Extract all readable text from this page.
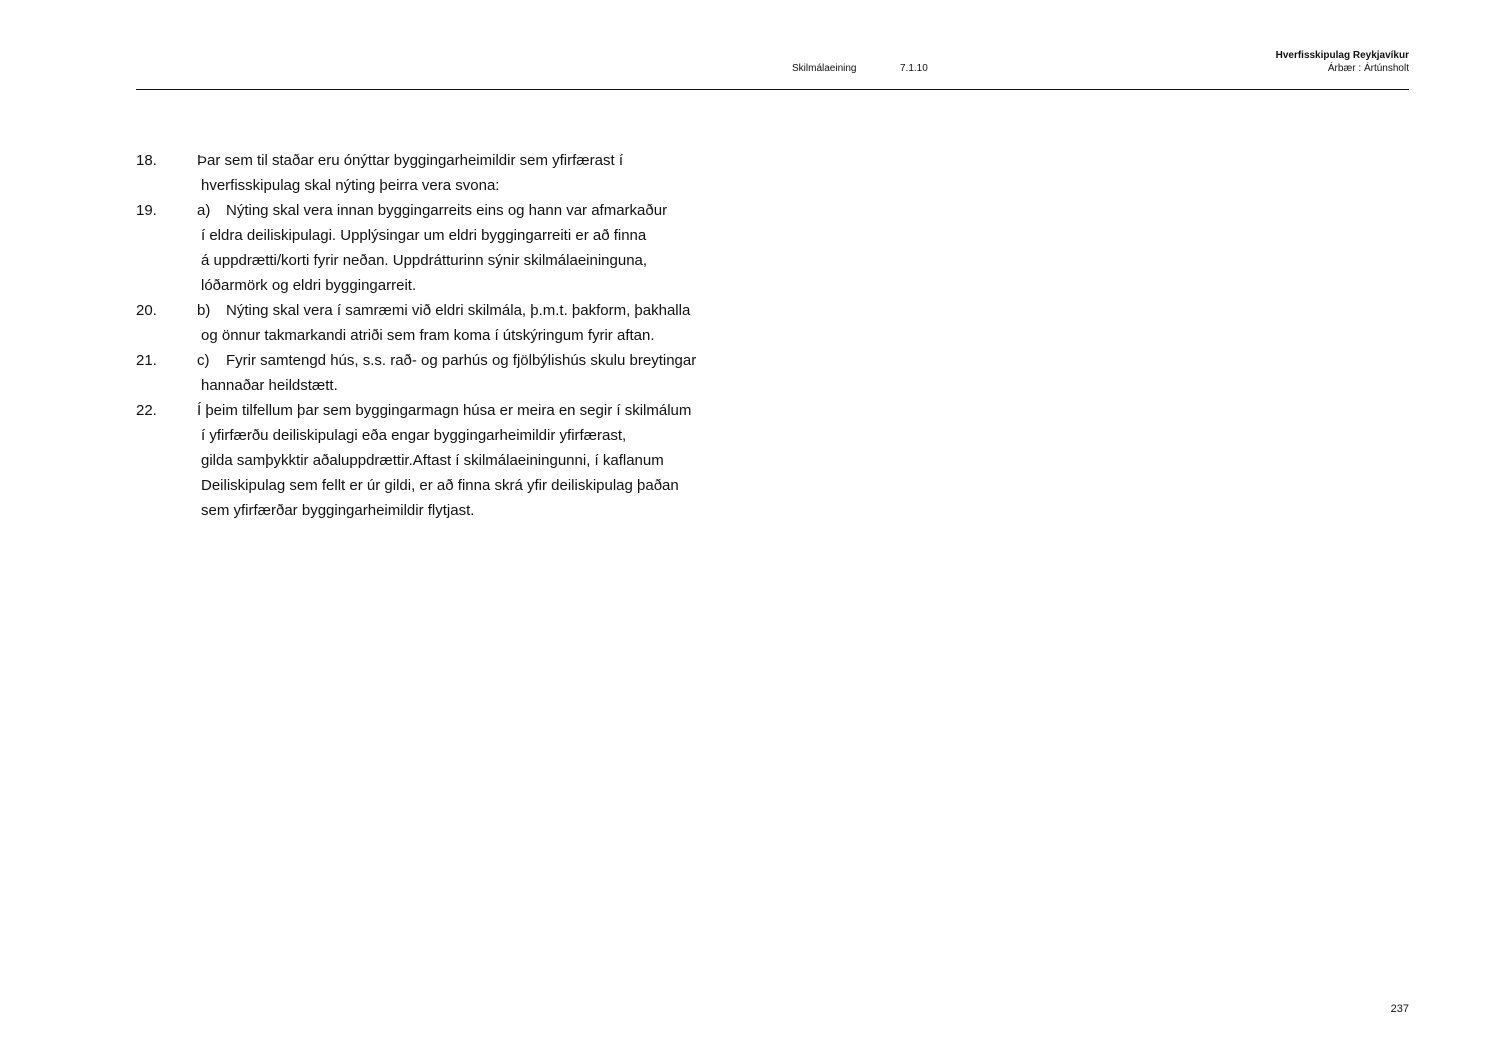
Skilmálaeining	7.1.10
Hverfisskipulag Reykjavíkur
Árbær : Ártúnsholt
18.	Þar sem til staðar eru ónýttar byggingarheimildir sem yfirfærast í
hverfisskipulag skal nýting þeirra vera svona:
19.	a) Nýting skal vera innan byggingarreits eins og hann var afmarkaður
í eldra deiliskipulagi. Upplýsingar um eldri byggingarreiti er að finna
á uppdrætti/korti fyrir neðan. Uppdrátturinn sýnir skilmálaeininguna,
lóðarmörk og eldri byggingarreit.
20.	b) Nýting skal vera í samræmi við eldri skilmála, þ.m.t. þakform, þakhalla
og önnur takmarkandi atriði sem fram koma í útskýringum fyrir aftan.
21.	c) Fyrir samtengd hús, s.s. rað- og parhús og fjölbýlishús skulu breytingar
hannaðar heildstætt.
22.	Í þeim tilfellum þar sem byggingarmagn húsa er meira en segir í skilmálum
í yfirfærðu deiliskipulagi eða engar byggingarheimildir yfirfærast,
gilda samþykktir aðaluppdrættir.Aftast í skilmálaeiningunni, í kaflanum
Deiliskipulag sem fellt er úr gildi, er að finna skrá yfir deiliskipulag þaðan
sem yfirfærðar byggingarheimildir flytjast.
237
